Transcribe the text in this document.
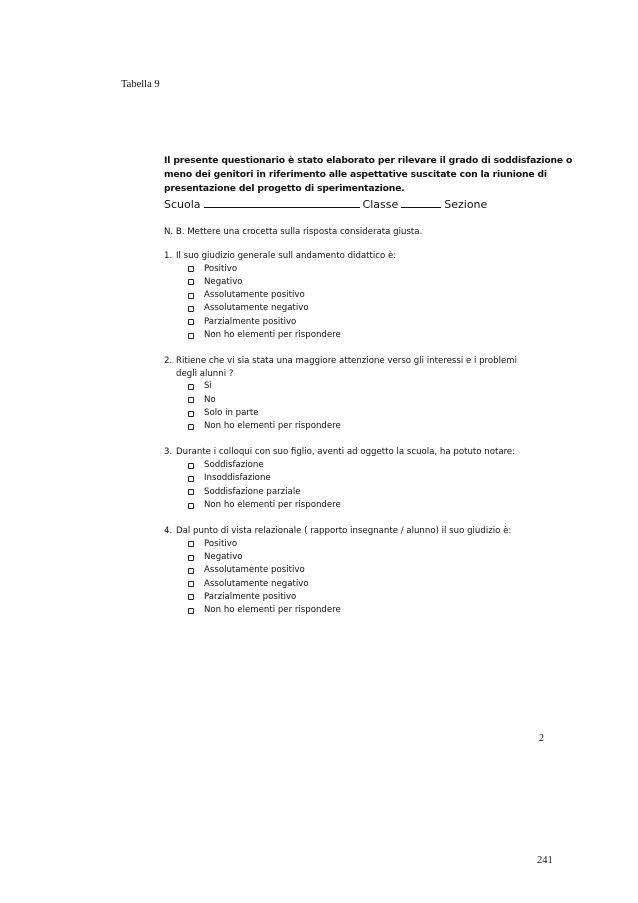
Tabella 9
Il presente questionario è stato elaborato per rilevare il grado di soddisfazione o
meno dei genitori in riferimento alle aspettative suscitate con la riunione di
presentazione del progetto di sperimentazione.
Scuola	Classe	Sezione
N. B. Mettere una crocetta sulla risposta considerata giusta.
1. Il suo giudizio generale sull andamento didattico è:
Positivo
Negativo
Assolutamente positivo
Assolutamente negativo
Parzialmente positivo
Non ho elementi per rispondere
2. Ritiene che vi sia stata una maggiore attenzione verso gli interessi e i problemi
degli alunni ?
Sì
No
Solo in parte
Non ho elementi per rispondere
3. Durante i colloqui con suo figlio, aventi ad oggetto la scuola, ha potuto notare:
Soddisfazione
Insoddisfazione
Soddisfazione parziale
Non ho elementi per rispondere
4. Dal punto di vista relazionale ( rapporto insegnante / alunno) il suo giudizio è:
Positivo
Negativo
Assolutamente positivo
Assolutamente negativo
Parzialmente positivo
Non ho elementi per rispondere
2
241
